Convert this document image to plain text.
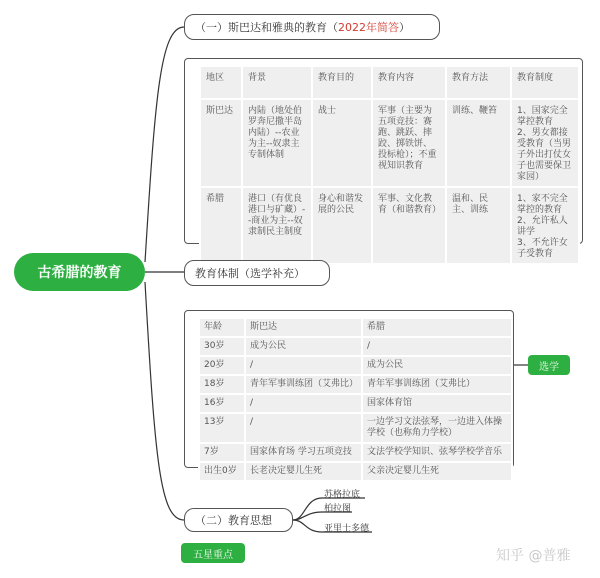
古希腊的教育
（一）斯巴达和雅典的教育（ 2022年简答 ）
地区	背景	教育目的	教育内容	教育方法	教育制度
斯巴达	内陆（地处伯罗奔尼撒半岛内陆）--农业为主--奴隶主专制体制	战士	军事（主要为五项竞技：赛跑、跳跃、摔跤、掷铁饼、投标枪）；不重视知识教育	训练、鞭笞	1、国家完全掌控教育
2、男女都接受教育（当男子外出打仗女子也需要保卫家园）
希腊	港口（有优良港口与矿藏）--商业为主--奴隶制民主制度	身心和谐发展的公民	军事、文化教育（和谐教育）	温和、民主、训练	1、家不完全掌控的教育
2、允许私人讲学
3、不允许女子受教育
教育体制（选学补充）
年龄	斯巴达	希腊
30岁	成为公民	/
20岁	/	成为公民
18岁	青年军事训练团（艾弗比）	青年军事训练团（艾弗比）
16岁	/	国家体育馆
13岁	/	一边学习文法弦琴，一边进入体操学校（也称角力学校）
7岁	国家体育场 学习五项竞技	文法学校学知识、弦琴学校学音乐
出生0岁	长老决定婴儿生死	父亲决定婴儿生死
选学
（二）教育思想
苏格拉底
柏拉图
亚里士多德
五星重点	知乎 @普雅
